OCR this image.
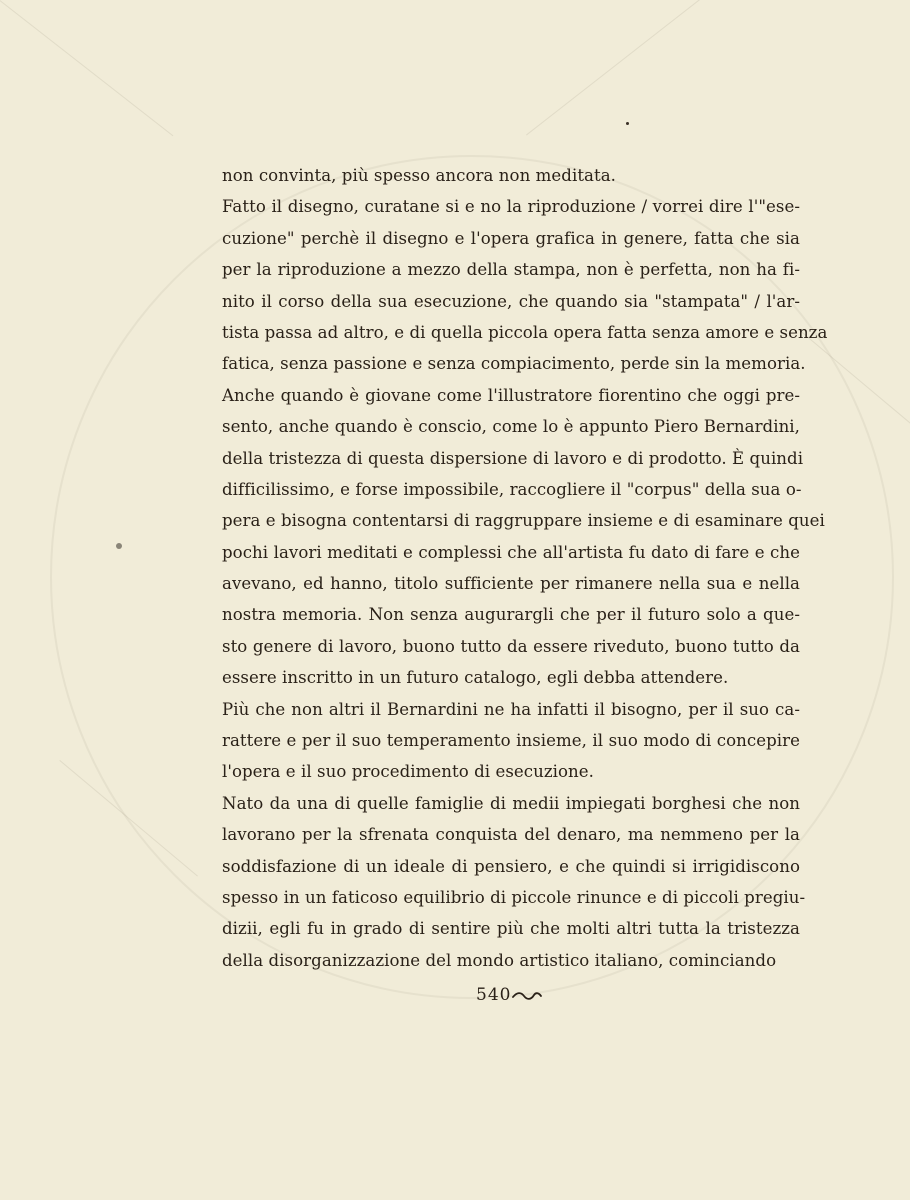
non convinta, più spesso ancora non meditata.
Fatto il disegno, curatane si e no la riproduzione / vorrei dire l'"ese-
cuzione" perchè il disegno e l'opera grafica in genere, fatta che sia
per la riproduzione a mezzo della stampa, non è perfetta, non ha fi-
nito il corso della sua esecuzione, che quando sia "stampata" / l'ar-
tista passa ad altro, e di quella piccola opera fatta senza amore e senza
fatica, senza passione e senza compiacimento, perde sin la memoria.
Anche quando è giovane come l'illustratore fiorentino che oggi pre-
sento, anche quando è conscio, come lo è appunto Piero Bernardini,
della tristezza di questa dispersione di lavoro e di prodotto. È quindi
difficilissimo, e forse impossibile, raccogliere il "corpus" della sua o-
pera e bisogna contentarsi di raggruppare insieme e di esaminare quei
pochi lavori meditati e complessi che all'artista fu dato di fare e che
avevano, ed hanno, titolo sufficiente per rimanere nella sua e nella
nostra memoria. Non senza augurargli che per il futuro solo a que-
sto genere di lavoro, buono tutto da essere riveduto, buono tutto da
essere inscritto in un futuro catalogo, egli debba attendere.
Più che non altri il Bernardini ne ha infatti il bisogno, per il suo ca-
rattere e per il suo temperamento insieme, il suo modo di concepire
l'opera e il suo procedimento di esecuzione.
Nato da una di quelle famiglie di medii impiegati borghesi che non
lavorano per la sfrenata conquista del denaro, ma nemmeno per la
soddisfazione di un ideale di pensiero, e che quindi si irrigidiscono
spesso in un faticoso equilibrio di piccole rinunce e di piccoli pregiu-
dizii, egli fu in grado di sentire più che molti altri tutta la tristezza
della disorganizzazione del mondo artistico italiano, cominciando
540
